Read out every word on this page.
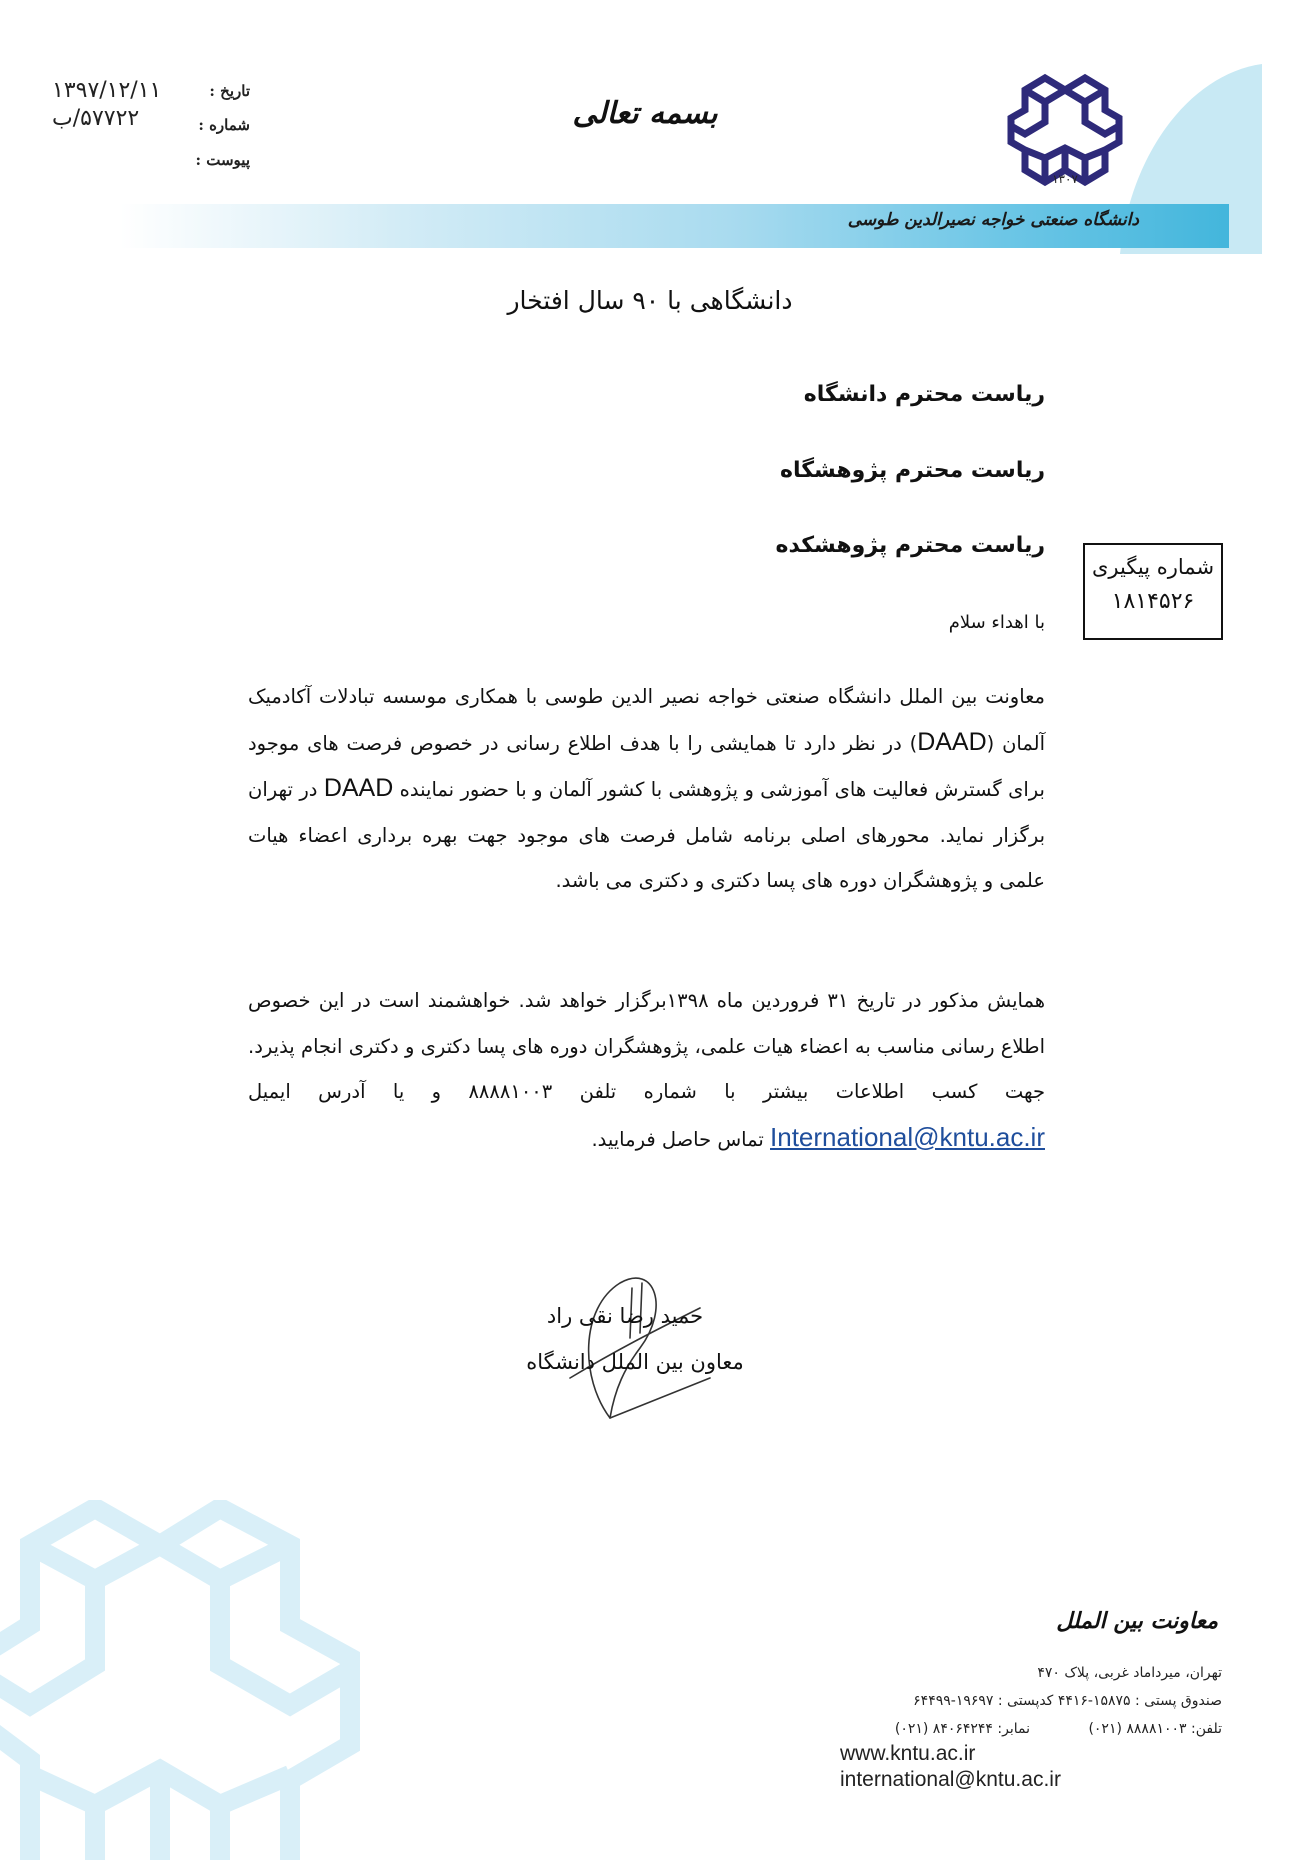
دانشگاه صنعتی خواجه نصیرالدین طوسی
۱۳۰۷
بسمه تعالی
تاریخ :
۱۳۹۷/۱۲/۱۱
شماره :
۵۷۷۲۲/ب
پیوست :
دانشگاهی با ۹۰ سال افتخار
ریاست محترم دانشگاه
ریاست محترم پژوهشگاه
ریاست محترم پژوهشکده
شماره پیگیری
۱۸۱۴۵۲۶
با اهداء سلام
معاونت بین الملل دانشگاه صنعتی خواجه نصیر الدین طوسی با همکاری موسسه تبادلات آکادمیک آلمان (DAAD) در نظر دارد تا همایشی را با هدف اطلاع رسانی در خصوص فرصت های موجود برای گسترش فعالیت های آموزشی و پژوهشی با کشور آلمان و با حضور نماینده DAAD در تهران برگزار نماید. محورهای اصلی برنامه شامل فرصت های موجود جهت بهره برداری اعضاء هیات علمی و پژوهشگران دوره های پسا دکتری و دکتری می باشد.
همایش مذکور در تاریخ ۳۱ فروردین ماه ۱۳۹۸برگزار خواهد شد. خواهشمند است در این خصوص اطلاع رسانی مناسب به اعضاء هیات علمی، پژوهشگران دوره های پسا دکتری و دکتری انجام پذیرد. جهت کسب اطلاعات بیشتر با شماره تلفن ۸۸۸۸۱۰۰۳ و یا آدرس ایمیل International@kntu.ac.ir تماس حاصل فرمایید.
حمید رضا نقی راد
معاون بین الملل دانشگاه
معاونت بین الملل
تهران، میرداماد غربی، پلاک ۴۷۰
صندوق پستی : ۱۵۸۷۵-۴۴۱۶ کدپستی : ۱۹۶۹۷-۶۴۴۹۹
تلفن: ۸۸۸۸۱۰۰۳ (۰۲۱)
نمابر: ۸۴۰۶۴۲۴۴ (۰۲۱)
www.kntu.ac.ir
international@kntu.ac.ir
